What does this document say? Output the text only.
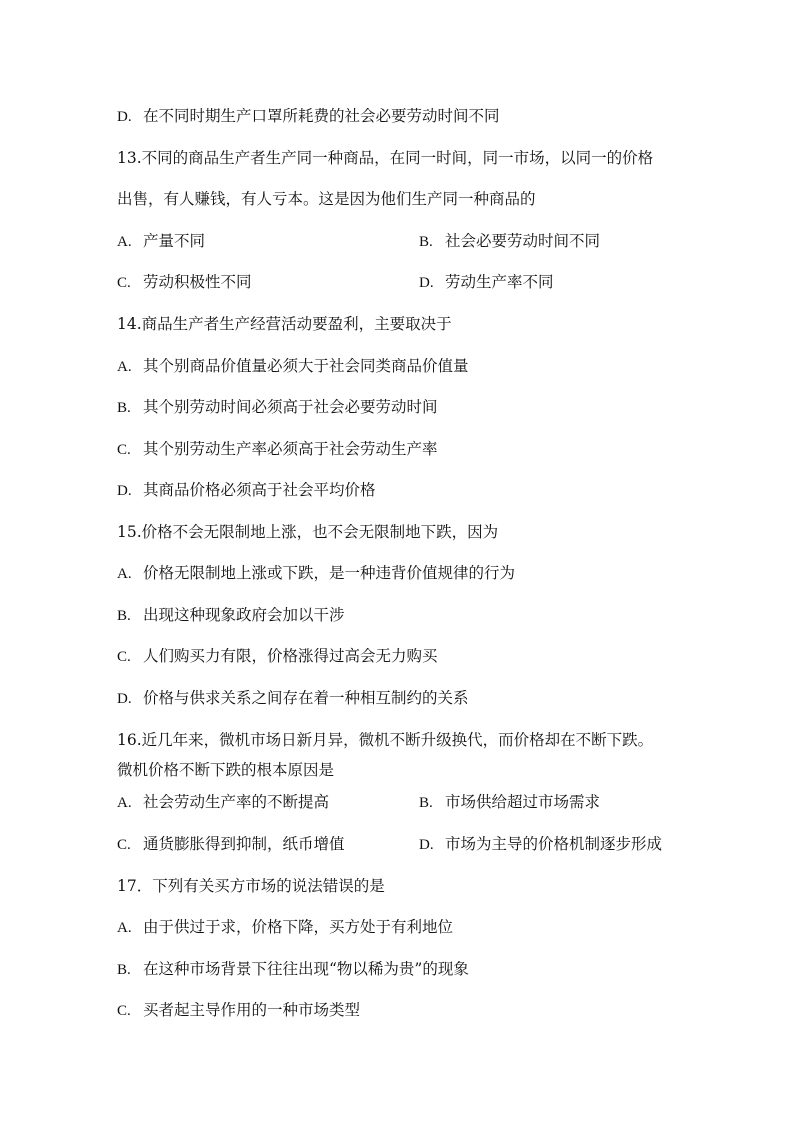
D. 在不同时期生产口罩所耗费的社会必要劳动时间不同
13.不同的商品生产者生产同一种商品，在同一时间，同一市场，以同一的价格
出售，有人赚钱，有人亏本。这是因为他们生产同一种商品的
A. 产量不同	B. 社会必要劳动时间不同
C. 劳动积极性不同	D. 劳动生产率不同
14.商品生产者生产经营活动要盈利，主要取决于
A. 其个别商品价值量必须大于社会同类商品价值量
B. 其个别劳动时间必须高于社会必要劳动时间
C. 其个别劳动生产率必须高于社会劳动生产率
D. 其商品价格必须高于社会平均价格
15.价格不会无限制地上涨，也不会无限制地下跌，因为
A. 价格无限制地上涨或下跌，是一种违背价值规律的行为
B. 出现这种现象政府会加以干涉
C. 人们购买力有限，价格涨得过高会无力购买
D. 价格与供求关系之间存在着一种相互制约的关系
16.近几年来，微机市场日新月异，微机不断升级换代，而价格却在不断下跌。
微机价格不断下跌的根本原因是
A. 社会劳动生产率的不断提高	B. 市场供给超过市场需求
C. 通货膨胀得到抑制，纸币增值	D. 市场为主导的价格机制逐步形成
17．下列有关买方市场的说法错误的是
A. 由于供过于求，价格下降，买方处于有利地位
B. 在这种市场背景下往往出现“物以稀为贵”的现象
C. 买者起主导作用的一种市场类型
